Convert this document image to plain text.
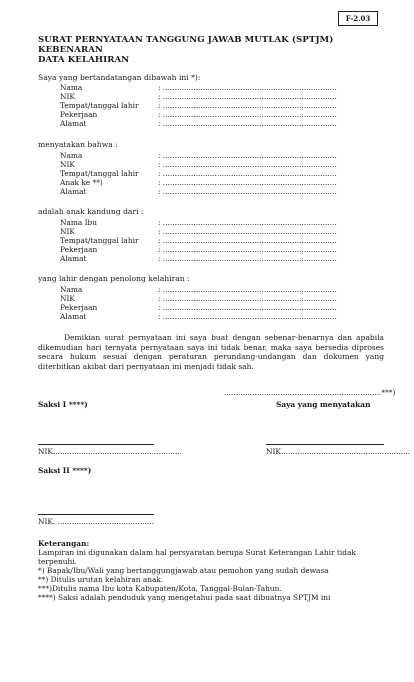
F-2.03
SURAT PERNYATAAN TANGGUNG JAWAB MUTLAK (SPTJM) KEBENARAN
DATA KELAHIRAN
Saya yang bertandatangan dibawah ini *):
Nama	: ..........................................................................
NIK	: ..........................................................................
Tempat/tanggal lahir	: ..........................................................................
Pekerjaan	: ..........................................................................
Alamat	: ..........................................................................
menyatakan bahwa :
Nama	: ..........................................................................
NIK	: ..........................................................................
Tempat/tanggal lahir	: ..........................................................................
Anak ke **)	: ..........................................................................
Alamat	: ..........................................................................
adalah anak kandung dari :
Nama Ibu	: ..........................................................................
NIK	: ..........................................................................
Tempat/tanggal lahir	: ..........................................................................
Pekerjaan	: ..........................................................................
Alamat	: ..........................................................................
yang lahir dengan penolong kelahiran :
Nama	: ..........................................................................
NIK	: ..........................................................................
Pekerjaan	: ..........................................................................
Alamat	: ..........................................................................
Demikian surat pernyataan ini saya buat dengan sebenar-benarnya dan apabila dikemudian hari ternyata pernyataan saya ini tidak benar, maka saya bersedia diproses secara hukum sesuai dengan peraturan perundang-undangan dan dokumen yang diterbitkan akibat dari pernyataan ini menjadi tidak sah.
...................................................................***)
Saksi I ****)	Saya yang menyatakan
NIK.......................................................	NIK.......................................................
Saksi II ****)
NIK. .........................................
Keterangan:
Lampiran ini digunakan dalam hal persyaratan berupa Surat Keterangan Lahir tidak
terpenuhi.
*) Bapak/Ibu/Wali yang bertanggungjawab atau pemohon yang sudah dewasa
**) Ditulis urutan kelahiran anak.
***)Ditulis nama Ibu kota Kabupaten/Kota, Tanggal-Bulan-Tahun.
****) Saksi adalah penduduk yang mengetahui pada saat dibuatnya SPTJM ini
